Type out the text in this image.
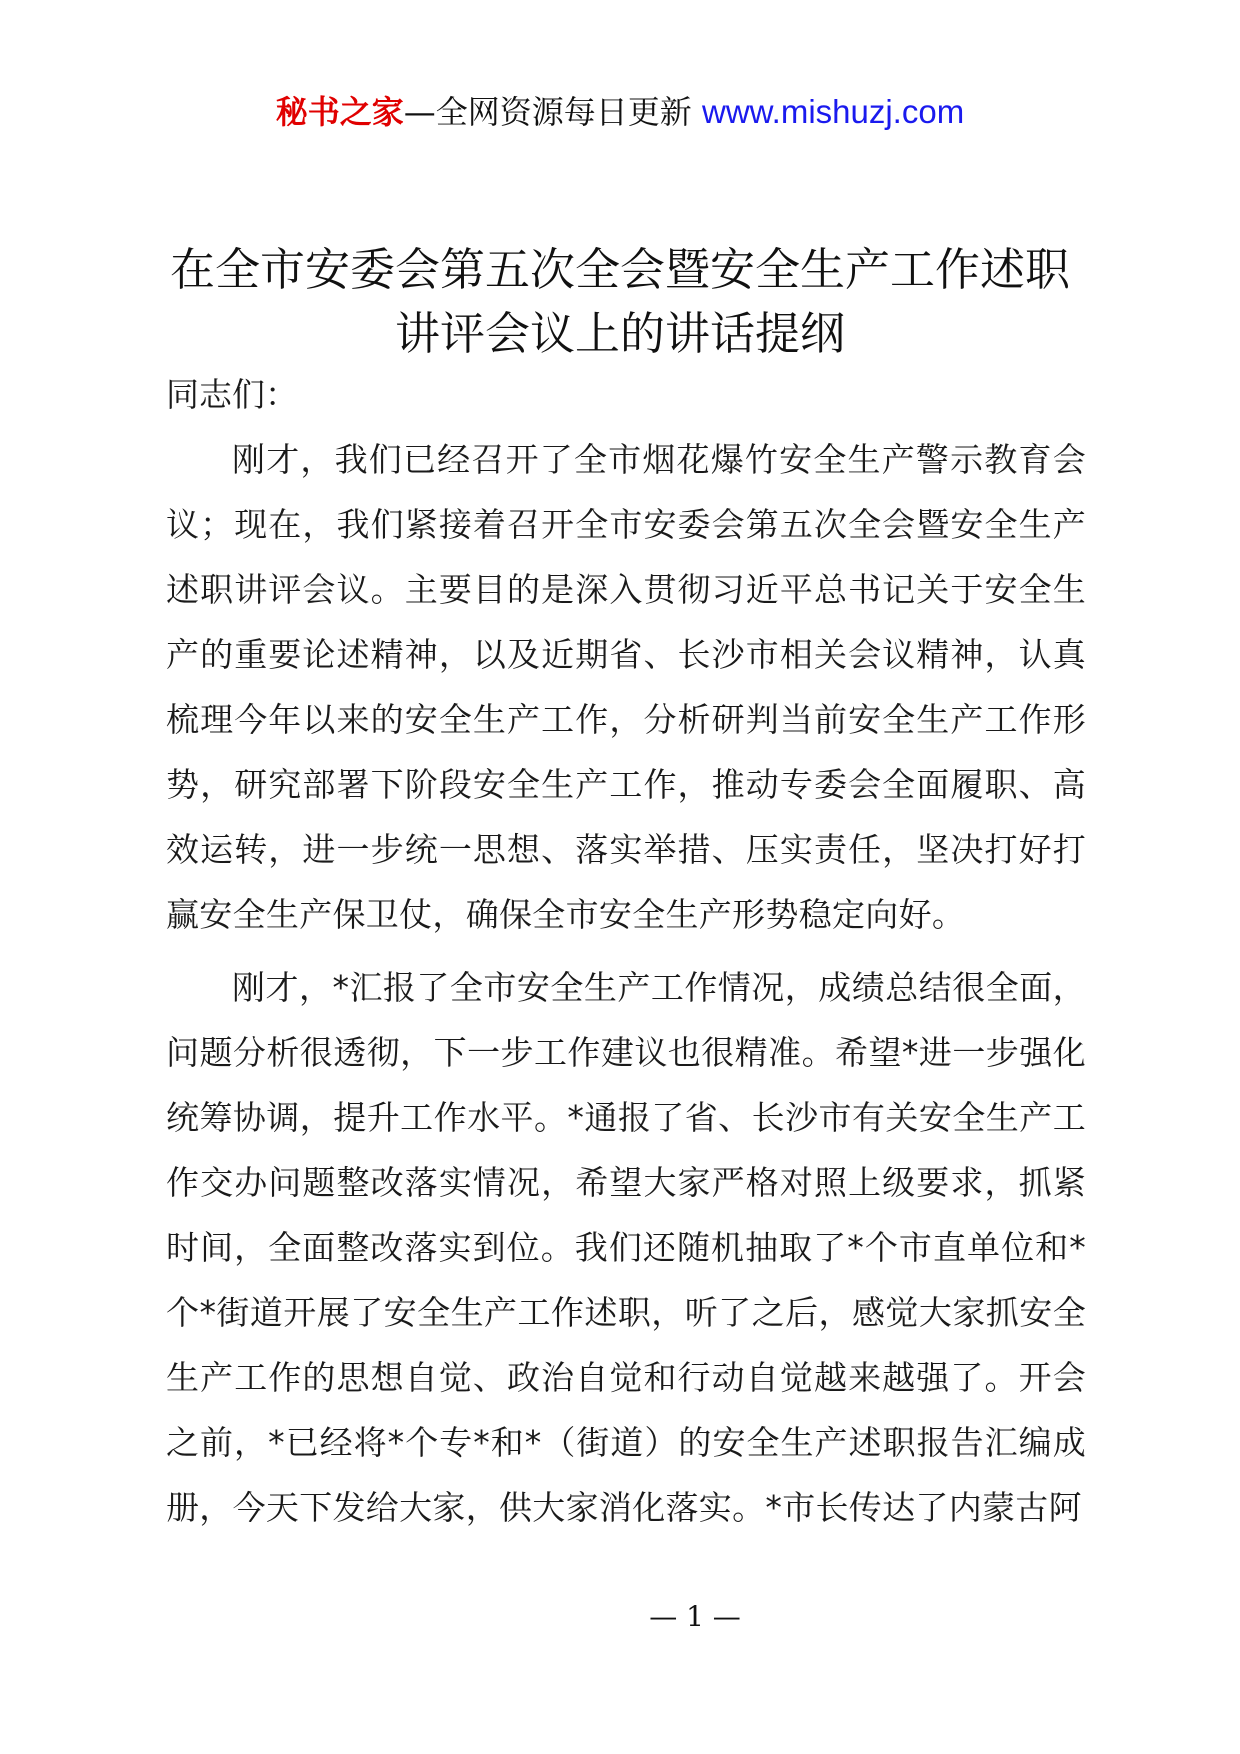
秘书之家—全网资源每日更新 www.mishuzj.com
在全市安委会第五次全会暨安全生产工作述职讲评会议上的讲话提纲

同志们：

刚才，我们已经召开了全市烟花爆竹安全生产警示教育会议；现在，我们紧接着召开全市安委会第五次全会暨安全生产述职讲评会议。主要目的是深入贯彻习近平总书记关于安全生产的重要论述精神，以及近期省、长沙市相关会议精神，认真梳理今年以来的安全生产工作，分析研判当前安全生产工作形势，研究部署下阶段安全生产工作，推动专委会全面履职、高效运转，进一步统一思想、落实举措、压实责任，坚决打好打赢安全生产保卫仗，确保全市安全生产形势稳定向好。

刚才，*汇报了全市安全生产工作情况，成绩总结很全面，问题分析很透彻，下一步工作建议也很精准。希望*进一步强化统筹协调，提升工作水平。*通报了省、长沙市有关安全生产工作交办问题整改落实情况，希望大家严格对照上级要求，抓紧时间，全面整改落实到位。我们还随机抽取了*个市直单位和*个*街道开展了安全生产工作述职，听了之后，感觉大家抓安全生产工作的思想自觉、政治自觉和行动自觉越来越强了。开会之前，*已经将*个专*和*（街道）的安全生产述职报告汇编成册，今天下发给大家，供大家消化落实。*市长传达了内蒙古阿

— 1 —
